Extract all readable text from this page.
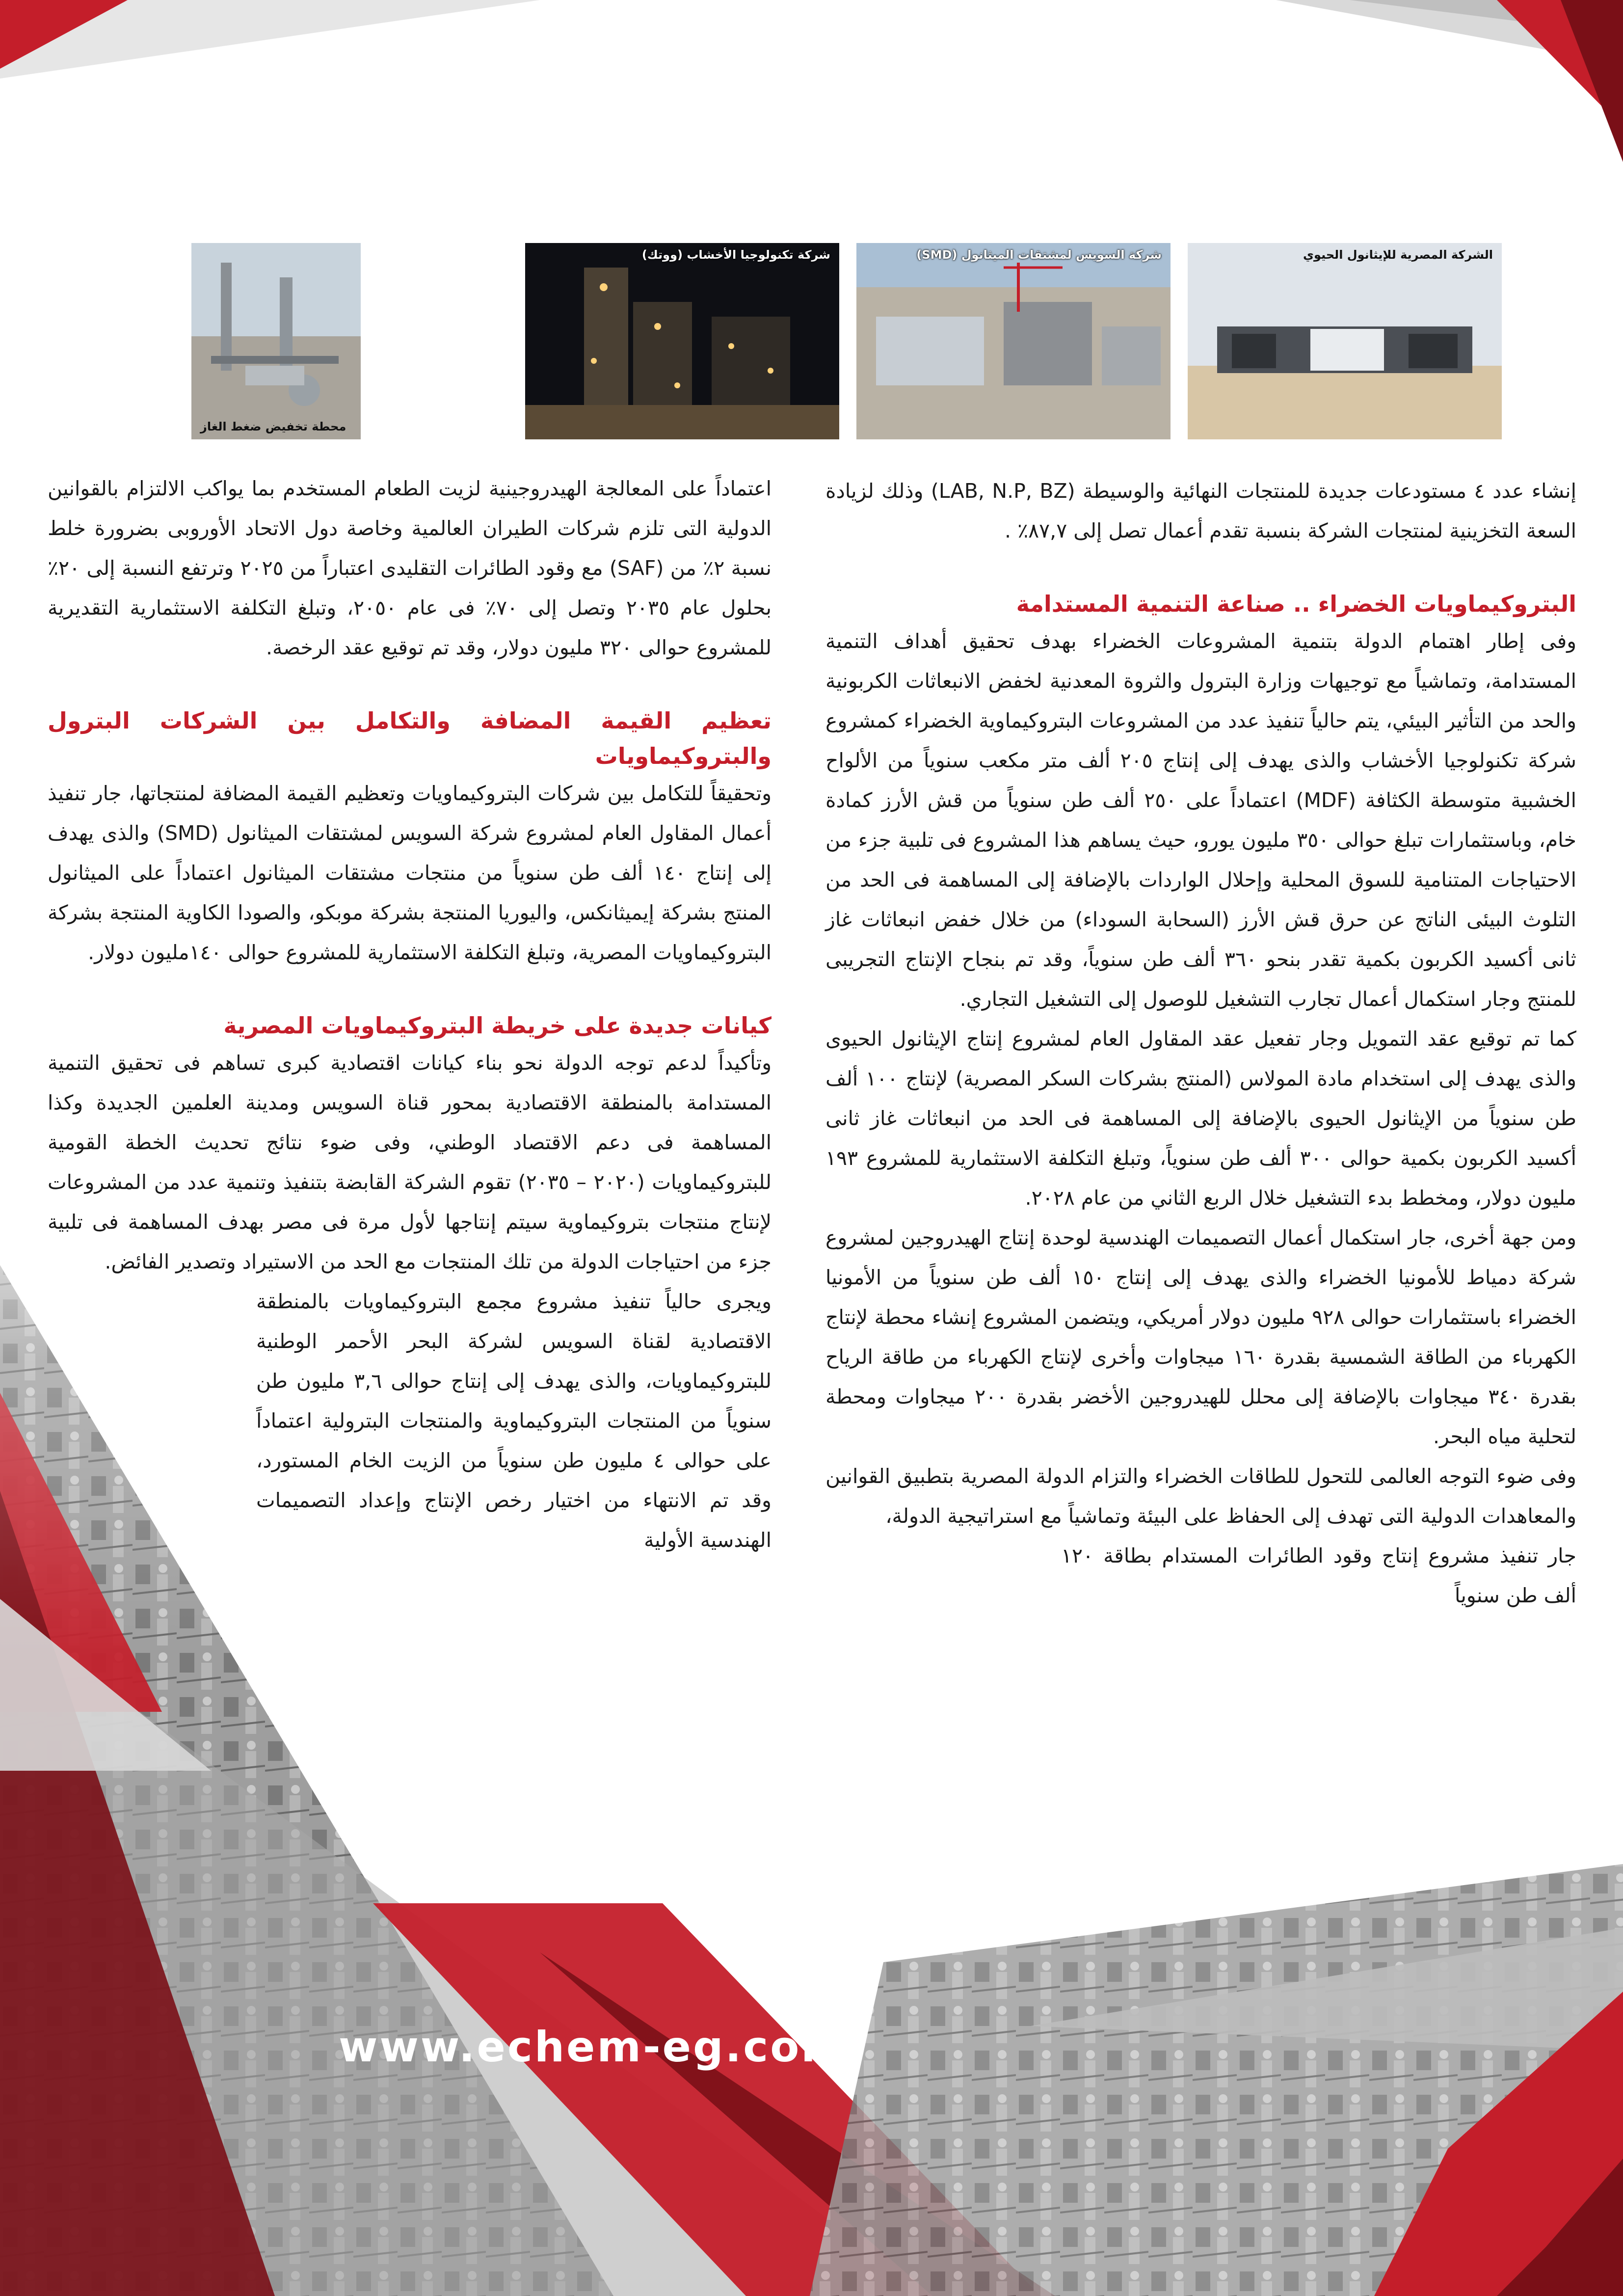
محطة تخفيض ضغط الغاز
شركة تكنولوجيا الأخشاب (ووتك)	شركة السويس لمشتقات الميثانول (SMD)	الشركة المصرية للإيثانول الحيوي

إنشاء عدد ٤ مستودعات جديدة للمنتجات النهائية والوسيطة (LAB, N.P, BZ) وذلك لزيادة السعة التخزينية لمنتجات الشركة بنسبة تقدم أعمال تصل إلى ٨٧,٧٪ .

البتروكيماويات الخضراء .. صناعة التنمية المستدامة

وفى إطار اهتمام الدولة بتنمية المشروعات الخضراء بهدف تحقيق أهداف التنمية المستدامة، وتماشياً مع توجيهات وزارة البترول والثروة المعدنية لخفض الانبعاثات الكربونية والحد من التأثير البيئي، يتم حالياً تنفيذ عدد من المشروعات البتروكيماوية الخضراء كمشروع شركة تكنولوجيا الأخشاب والذى يهدف إلى إنتاج ٢٠٥ ألف متر مكعب سنوياً من الألواح الخشبية متوسطة الكثافة (MDF) اعتماداً على ٢٥٠ ألف طن سنوياً من قش الأرز كمادة خام، وباستثمارات تبلغ حوالى ٣٥٠ مليون يورو، حيث يساهم هذا المشروع فى تلبية جزء من الاحتياجات المتنامية للسوق المحلية وإحلال الواردات بالإضافة إلى المساهمة فى الحد من التلوث البيئى الناتج عن حرق قش الأرز (السحابة السوداء) من خلال خفض انبعاثات غاز ثانى أكسيد الكربون بكمية تقدر بنحو ٣٦٠ ألف طن سنوياً، وقد تم بنجاح الإنتاج التجريبى للمنتج وجار استكمال أعمال تجارب التشغيل للوصول إلى التشغيل التجاري.

كما تم توقيع عقد التمويل وجار تفعيل عقد المقاول العام لمشروع إنتاج الإيثانول الحيوى والذى يهدف إلى استخدام مادة المولاس (المنتج بشركات السكر المصرية) لإنتاج ١٠٠ ألف طن سنوياً من الإيثانول الحيوى بالإضافة إلى المساهمة فى الحد من انبعاثات غاز ثانى أكسيد الكربون بكمية حوالى ٣٠٠ ألف طن سنوياً، وتبلغ التكلفة الاستثمارية للمشروع ١٩٣ مليون دولار، ومخطط بدء التشغيل خلال الربع الثاني من عام ٢٠٢٨.

ومن جهة أخرى، جار استكمال أعمال التصميمات الهندسية لوحدة إنتاج الهيدروجين لمشروع شركة دمياط للأمونيا الخضراء والذى يهدف إلى إنتاج ١٥٠ ألف طن سنوياً من الأمونيا الخضراء باستثمارات حوالى ٩٢٨ مليون دولار أمريكي، ويتضمن المشروع إنشاء محطة لإنتاج الكهرباء من الطاقة الشمسية بقدرة ١٦٠ ميجاوات وأخرى لإنتاج الكهرباء من طاقة الرياح بقدرة ٣٤٠ ميجاوات بالإضافة إلى محلل للهيدروجين الأخضر بقدرة ٢٠٠ ميجاوات ومحطة لتحلية مياه البحر.

وفى ضوء التوجه العالمى للتحول للطاقات الخضراء والتزام الدولة المصرية بتطبيق القوانين والمعاهدات الدولية التى تهدف إلى الحفاظ على البيئة وتماشياً مع استراتيجية الدولة،

جار تنفيذ مشروع إنتاج وقود الطائرات المستدام بطاقة ١٢٠ ألف طن سنوياً

اعتماداً على المعالجة الهيدروجينية لزيت الطعام المستخدم بما يواكب الالتزام بالقوانين الدولية التى تلزم شركات الطيران العالمية وخاصة دول الاتحاد الأوروبى بضرورة خلط نسبة ٢٪ من (SAF) مع وقود الطائرات التقليدى اعتباراً من ٢٠٢٥ وترتفع النسبة إلى ٢٠٪ بحلول عام ٢٠٣٥ وتصل إلى ٧٠٪ فى عام ٢٠٥٠، وتبلغ التكلفة الاستثمارية التقديرية للمشروع حوالى ٣٢٠ مليون دولار، وقد تم توقيع عقد الرخصة.

تعظيم القيمة المضافة والتكامل بين الشركات البترول والبتروكيماويات

وتحقيقاً للتكامل بين شركات البتروكيماويات وتعظيم القيمة المضافة لمنتجاتها، جار تنفيذ أعمال المقاول العام لمشروع شركة السويس لمشتقات الميثانول (SMD) والذى يهدف إلى إنتاج ١٤٠ ألف طن سنوياً من منتجات مشتقات الميثانول اعتماداً على الميثانول المنتج بشركة إيميثانكس، واليوريا المنتجة بشركة موبكو، والصودا الكاوية المنتجة بشركة البتروكيماويات المصرية، وتبلغ التكلفة الاستثمارية للمشروع حوالى ١٤٠مليون دولار.

كيانات جديدة على خريطة البتروكيماويات المصرية

وتأكيداً لدعم توجه الدولة نحو بناء كيانات اقتصادية كبرى تساهم فى تحقيق التنمية المستدامة بالمنطقة الاقتصادية بمحور قناة السويس ومدينة العلمين الجديدة وكذا المساهمة فى دعم الاقتصاد الوطني، وفى ضوء نتائج تحديث الخطة القومية للبتروكيماويات (٢٠٢٠ – ٢٠٣٥) تقوم الشركة القابضة بتنفيذ وتنمية عدد من المشروعات لإنتاج منتجات بتروكيماوية سيتم إنتاجها لأول مرة فى مصر بهدف المساهمة فى تلبية جزء من احتياجات الدولة من تلك المنتجات مع الحد من الاستيراد وتصدير الفائض.

ويجرى حالياً تنفيذ مشروع مجمع البتروكيماويات بالمنطقة الاقتصادية لقناة السويس لشركة البحر الأحمر الوطنية للبتروكيماويات، والذى يهدف إلى إنتاج حوالى ٣,٦ مليون طن سنوياً من المنتجات البتروكيماوية والمنتجات البترولية اعتماداً على حوالى ٤ مليون طن سنوياً من الزيت الخام المستورد، وقد تم الانتهاء من اختيار رخص الإنتاج وإعداد التصميمات الهندسية الأولية

www.echem-eg.com
